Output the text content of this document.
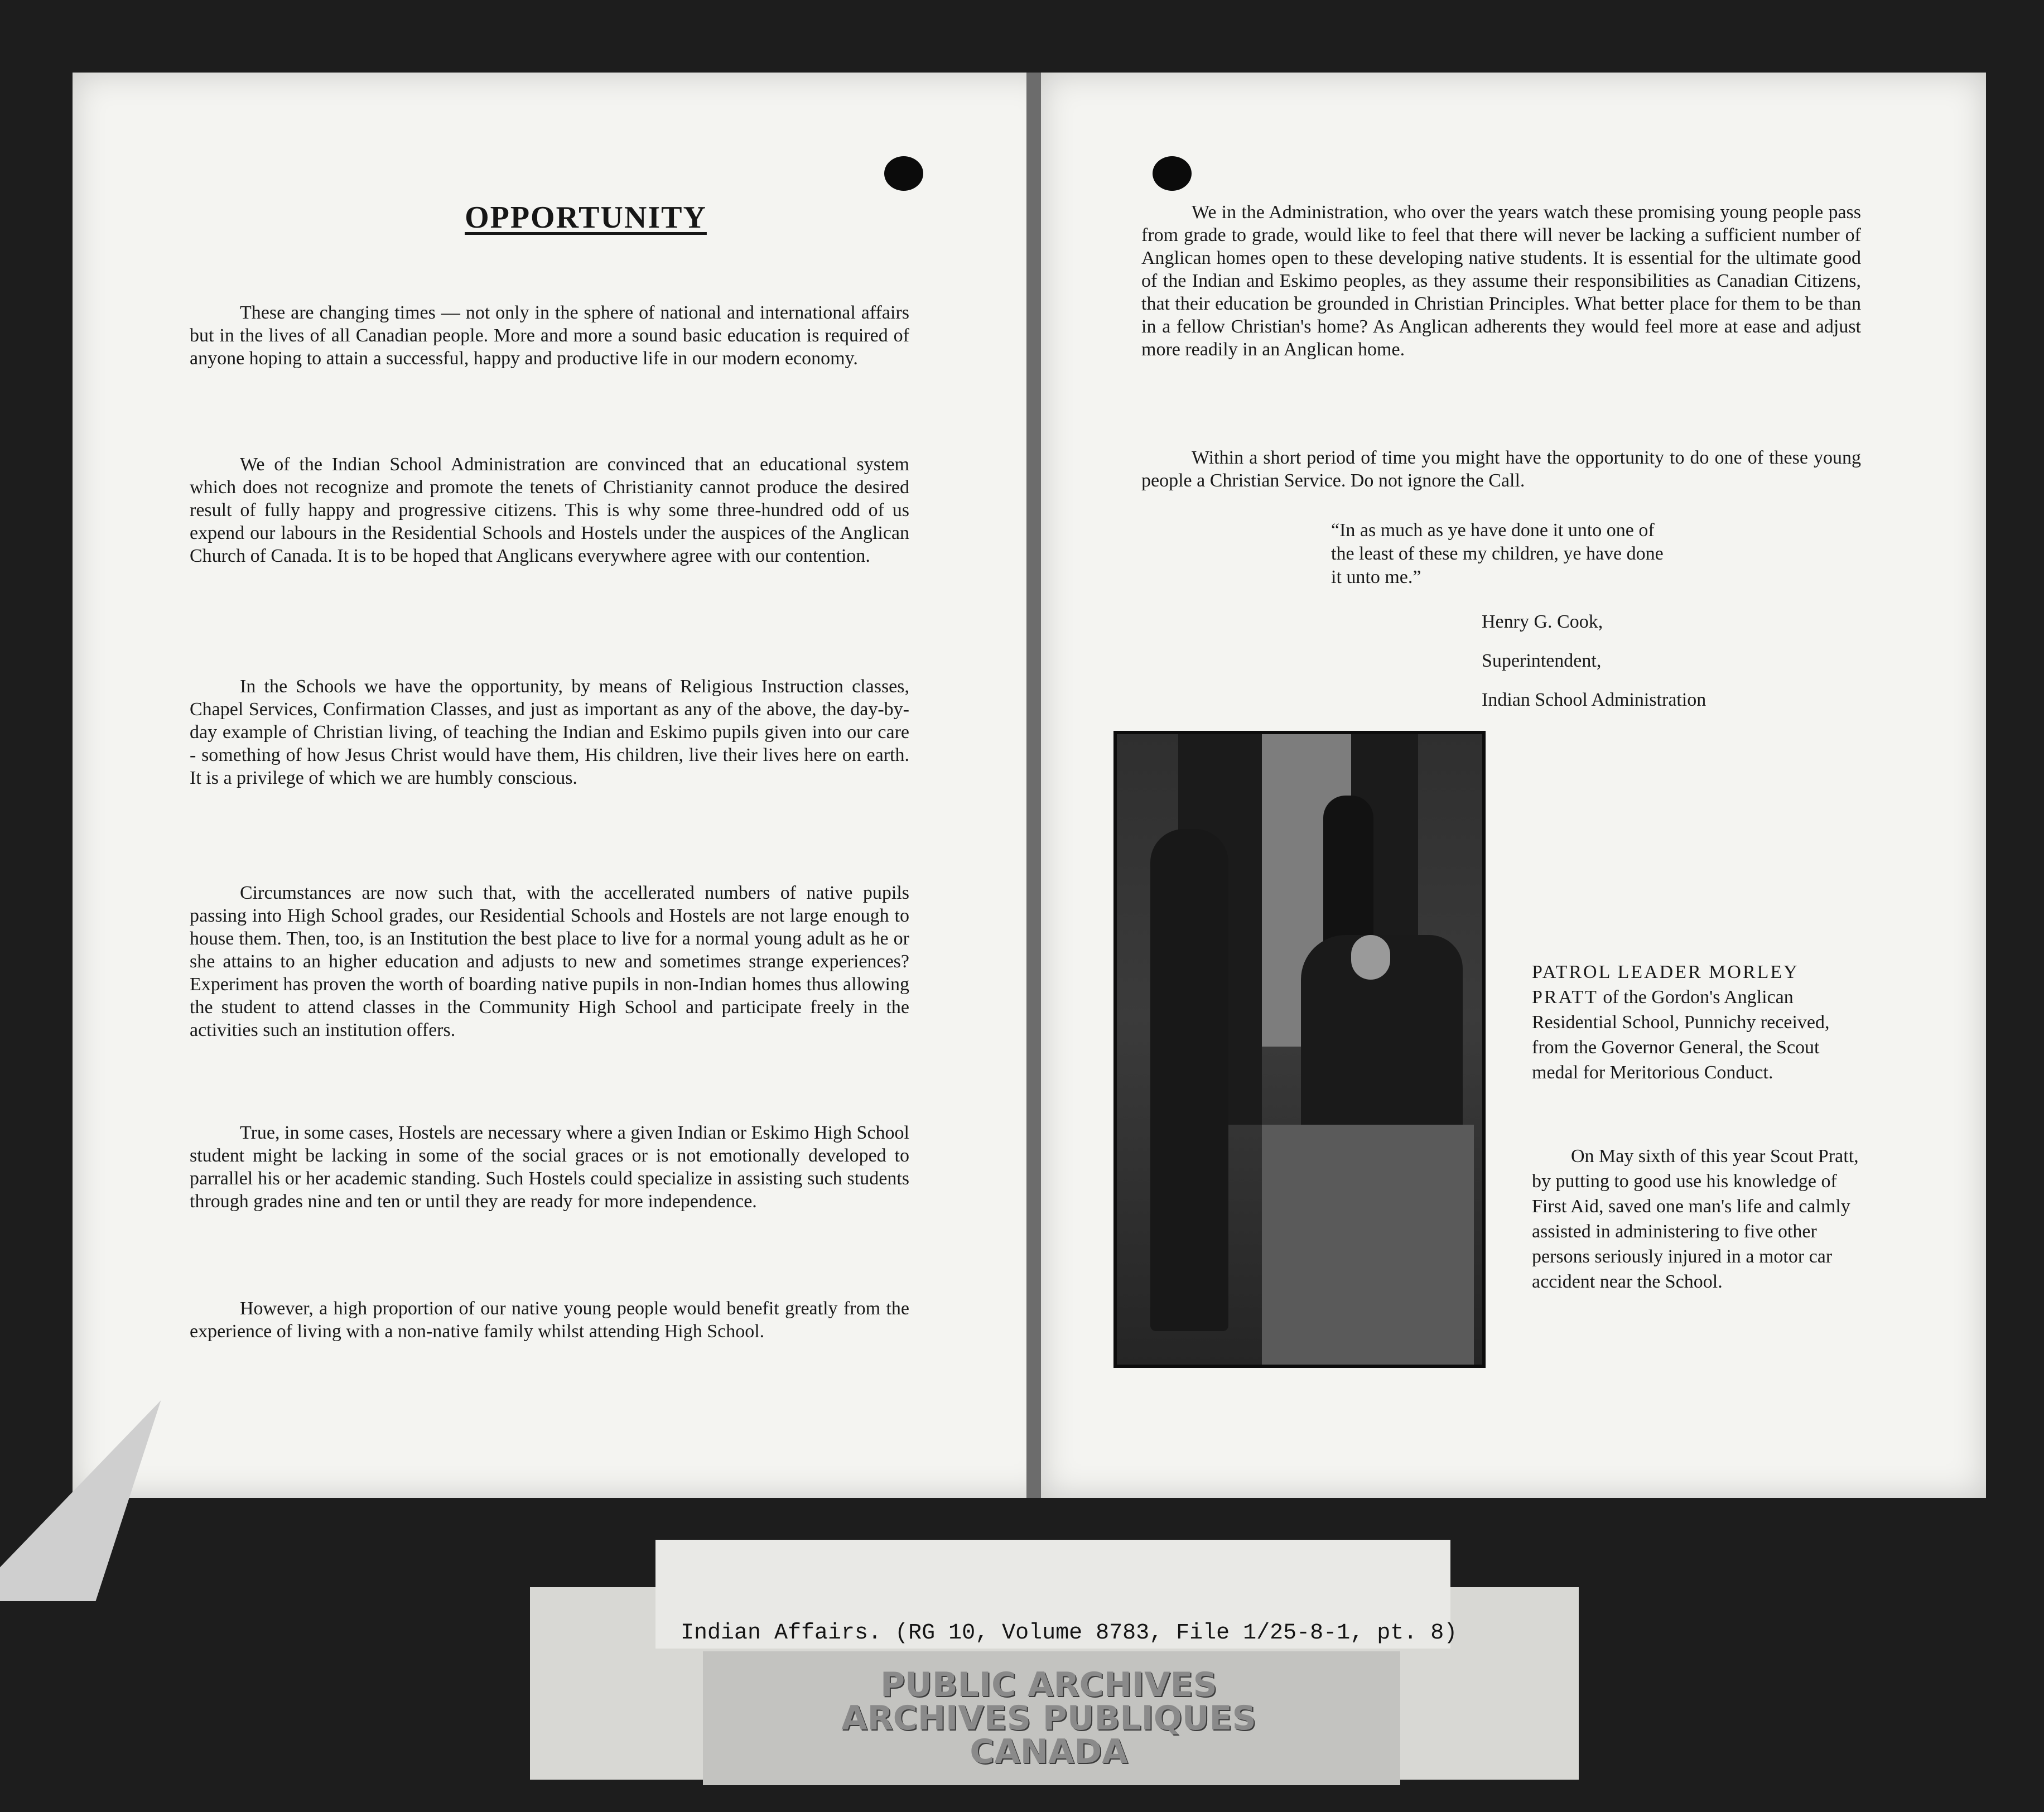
OPPORTUNITY

These are changing times — not only in the sphere of national and international affairs but in the lives of all Canadian people. More and more a sound basic education is required of anyone hoping to attain a successful, happy and productive life in our modern economy.

We of the Indian School Administration are convinced that an educational system which does not recognize and promote the tenets of Christianity cannot produce the desired result of fully happy and progressive citizens. This is why some three-hundred odd of us expend our labours in the Residential Schools and Hostels under the auspices of the Anglican Church of Canada. It is to be hoped that Anglicans everywhere agree with our contention.

In the Schools we have the opportunity, by means of Religious Instruction classes, Chapel Services, Confirmation Classes, and just as important as any of the above, the day-by-day example of Christian living, of teaching the Indian and Eskimo pupils given into our care - something of how Jesus Christ would have them, His children, live their lives here on earth. It is a privilege of which we are humbly conscious.

Circumstances are now such that, with the accellerated numbers of native pupils passing into High School grades, our Residential Schools and Hostels are not large enough to house them. Then, too, is an Institution the best place to live for a normal young adult as he or she attains to an higher education and adjusts to new and sometimes strange experiences? Experiment has proven the worth of boarding native pupils in non-Indian homes thus allowing the student to attend classes in the Community High School and participate freely in the activities such an institution offers.

True, in some cases, Hostels are necessary where a given Indian or Eskimo High School student might be lacking in some of the social graces or is not emotionally developed to parrallel his or her academic standing. Such Hostels could specialize in assisting such students through grades nine and ten or until they are ready for more independence.

However, a high proportion of our native young people would benefit greatly from the experience of living with a non-native family whilst attending High School.

We in the Administration, who over the years watch these promising young people pass from grade to grade, would like to feel that there will never be lacking a sufficient number of Anglican homes open to these developing native students. It is essential for the ultimate good of the Indian and Eskimo peoples, as they assume their responsibilities as Canadian Citizens, that their education be grounded in Christian Principles. What better place for them to be than in a fellow Christian's home? As Anglican adherents they would feel more at ease and adjust more readily in an Anglican home.

Within a short period of time you might have the opportunity to do one of these young people a Christian Service. Do not ignore the Call.

“In as much as ye have done it unto one of the least of these my children, ye have done it unto me.”

Henry G. Cook,

Superintendent,

Indian School Administration

PATROL LEADER MORLEY PRATT of the Gordon's Anglican Residential School, Punnichy received, from the Governor General, the Scout medal for Meritorious Conduct.

On May sixth of this year Scout Pratt, by putting to good use his knowledge of First Aid, saved one man's life and calmly assisted in administering to five other persons seriously injured in a motor car accident near the School.

Indian Affairs. (RG 10, Volume 8783, File 1/25-8-1, pt. 8)

PUBLIC ARCHIVES

ARCHIVES PUBLIQUES

CANADA
